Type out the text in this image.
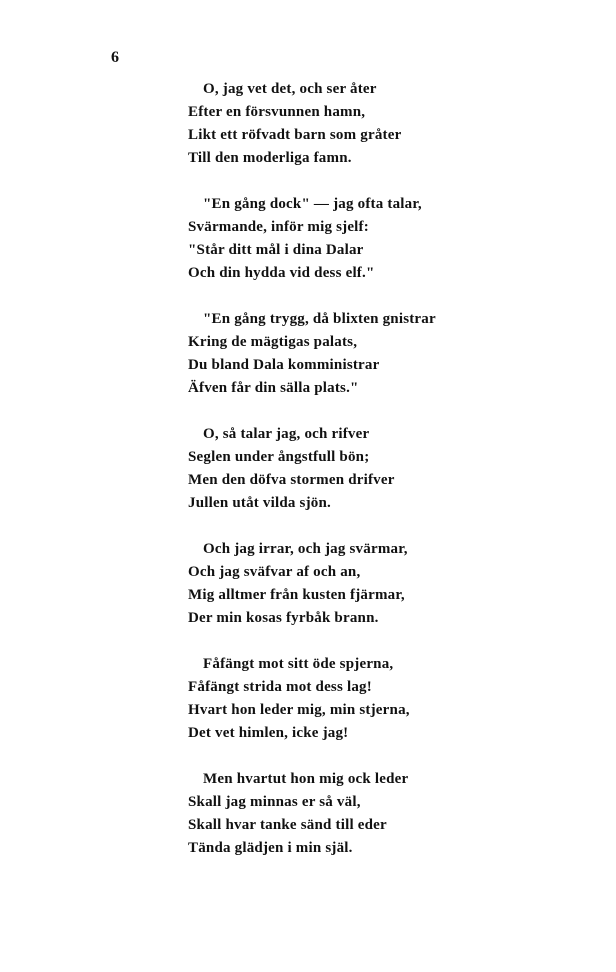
6
O, jag vet det, och ser åter
Efter en försvunnen hamn,
Likt ett röfvadt barn som gråter
Till den moderliga famn.
"En gång dock" — jag ofta talar,
Svärmande, inför mig sjelf:
"Står ditt mål i dina Dalar
Och din hydda vid dess elf."
"En gång trygg, då blixten gnistrar
Kring de mägtigas palats,
Du bland Dala komministrar
Äfven får din sälla plats."
O, så talar jag, och rifver
Seglen under ångstfull bön;
Men den döfva stormen drifver
Jullen utåt vilda sjön.
Och jag irrar, och jag svärmar,
Och jag sväfvar af och an,
Mig alltmer från kusten fjärmar,
Der min kosas fyrbåk brann.
Fåfängt mot sitt öde spjerna,
Fåfängt strida mot dess lag!
Hvart hon leder mig, min stjerna,
Det vet himlen, icke jag!
Men hvartut hon mig ock leder
Skall jag minnas er så väl,
Skall hvar tanke sänd till eder
Tända glädjen i min själ.
